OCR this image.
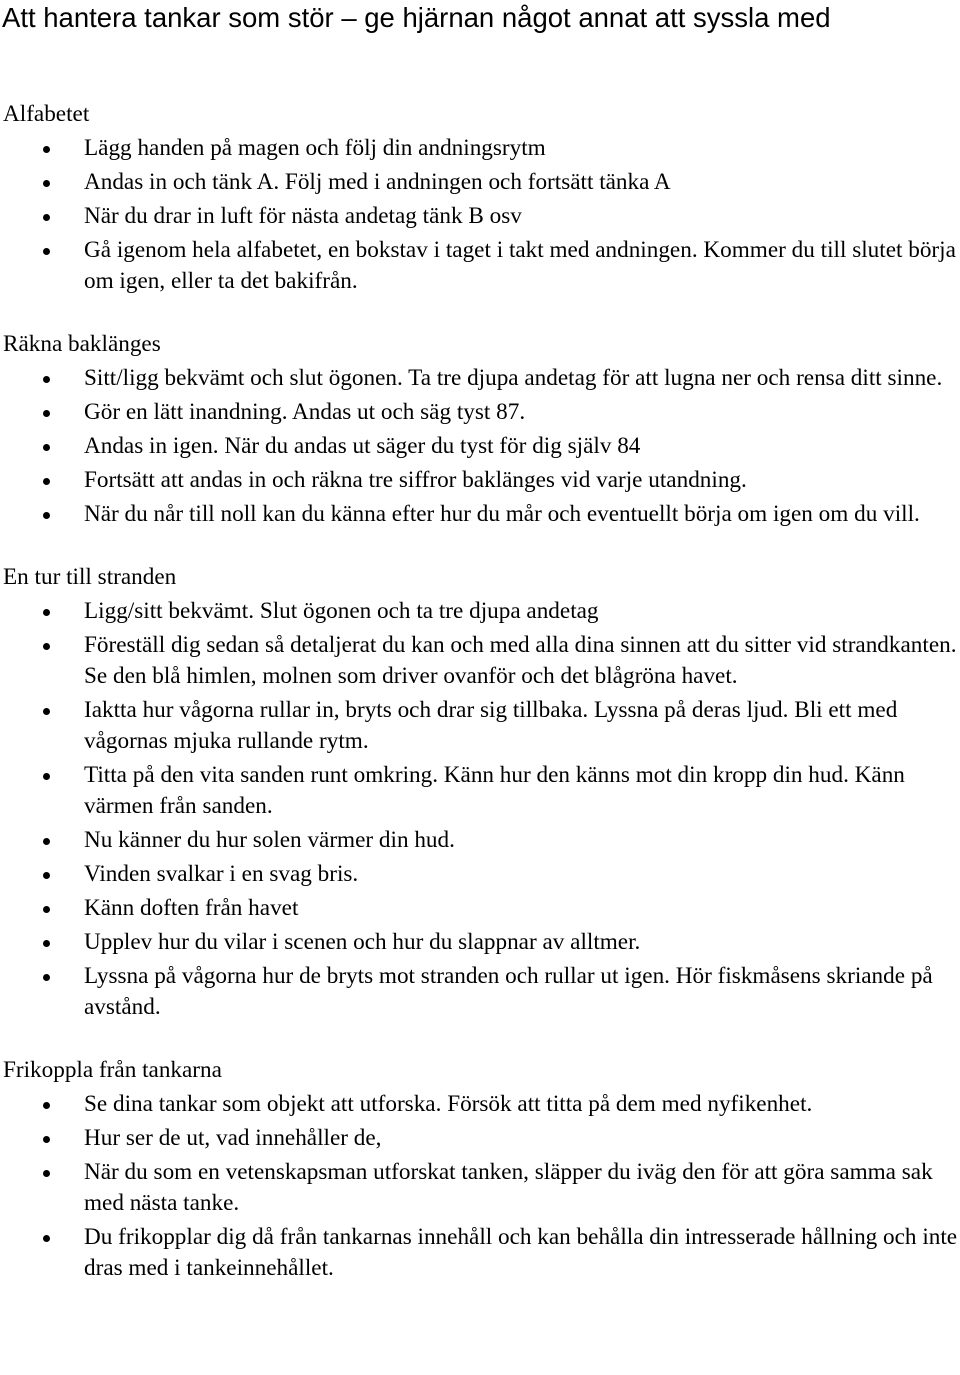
Att hantera tankar som stör – ge hjärnan något annat att syssla med
Alfabetet
Lägg handen på magen och följ din andningsrytm
Andas in och tänk A. Följ med i andningen och fortsätt tänka A
När du drar in luft för nästa andetag tänk B osv
Gå igenom hela alfabetet, en bokstav i taget i takt med andningen. Kommer du till slutet börja om igen, eller ta det bakifrån.
Räkna baklänges
Sitt/ligg bekvämt och slut ögonen. Ta tre djupa andetag för att lugna ner och rensa ditt sinne.
Gör en lätt inandning. Andas ut och säg tyst 87.
Andas in igen. När du andas ut säger du tyst för dig själv 84
Fortsätt att andas in och räkna tre siffror baklänges vid varje utandning.
När du når till noll kan du känna efter hur du mår och eventuellt börja om igen om du vill.
En tur till stranden
Ligg/sitt bekvämt. Slut ögonen och ta tre djupa andetag
Föreställ dig sedan så detaljerat du kan och med alla dina sinnen att du sitter vid strandkanten. Se den blå himlen, molnen som driver ovanför och det blågröna havet.
Iaktta hur vågorna rullar in, bryts och drar sig tillbaka. Lyssna på deras ljud. Bli ett med vågornas mjuka rullande rytm.
Titta på den vita sanden runt omkring. Känn hur den känns mot din kropp din hud. Känn värmen från sanden.
Nu känner du hur solen värmer din hud.
Vinden svalkar i en svag bris.
Känn doften från havet
Upplev hur du vilar i scenen och hur du slappnar av alltmer.
Lyssna på vågorna hur de bryts mot stranden och rullar ut igen. Hör fiskmåsens skriande på avstånd.
Frikoppla från tankarna
Se dina tankar som objekt att utforska. Försök att titta på dem med nyfikenhet.
Hur ser de ut, vad innehåller de,
När du som en vetenskapsman utforskat tanken, släpper du iväg den för att göra samma sak med nästa tanke.
Du frikopplar dig då från tankarnas innehåll och kan behålla din intresserade hållning och inte dras med i tankeinnehållet.
